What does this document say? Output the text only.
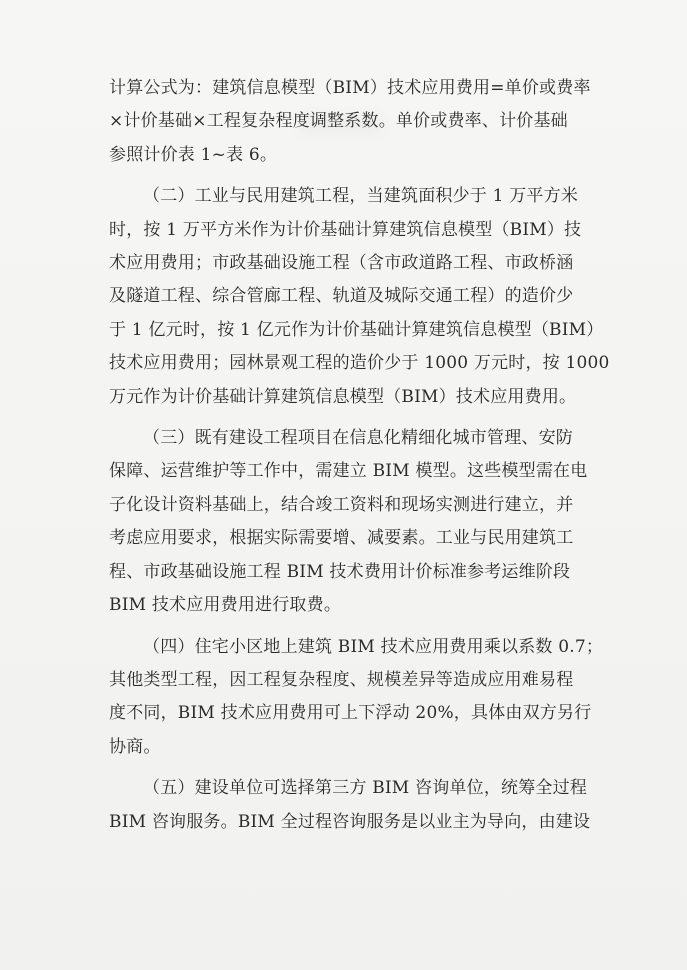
计算公式为：建筑信息模型（BIM）技术应用费用=单价或费率
×计价基础×工程复杂程度调整系数。单价或费率、计价基础
参照计价表 1~表 6。

（二）工业与民用建筑工程，当建筑面积少于 1 万平方米
时，按 1 万平方米作为计价基础计算建筑信息模型（BIM）技
术应用费用；市政基础设施工程（含市政道路工程、市政桥涵
及隧道工程、综合管廊工程、轨道及城际交通工程）的造价少
于 1 亿元时，按 1 亿元作为计价基础计算建筑信息模型（BIM）
技术应用费用；园林景观工程的造价少于 1000 万元时，按 1000
万元作为计价基础计算建筑信息模型（BIM）技术应用费用。

（三）既有建设工程项目在信息化精细化城市管理、安防
保障、运营维护等工作中，需建立 BIM 模型。这些模型需在电
子化设计资料基础上，结合竣工资料和现场实测进行建立，并
考虑应用要求，根据实际需要增、减要素。工业与民用建筑工
程、市政基础设施工程 BIM 技术费用计价标准参考运维阶段
BIM 技术应用费用进行取费。

（四）住宅小区地上建筑 BIM 技术应用费用乘以系数 0.7；
其他类型工程，因工程复杂程度、规模差异等造成应用难易程
度不同，BIM 技术应用费用可上下浮动 20%，具体由双方另行
协商。

（五）建设单位可选择第三方 BIM 咨询单位，统筹全过程
BIM 咨询服务。BIM 全过程咨询服务是以业主为导向，由建设
